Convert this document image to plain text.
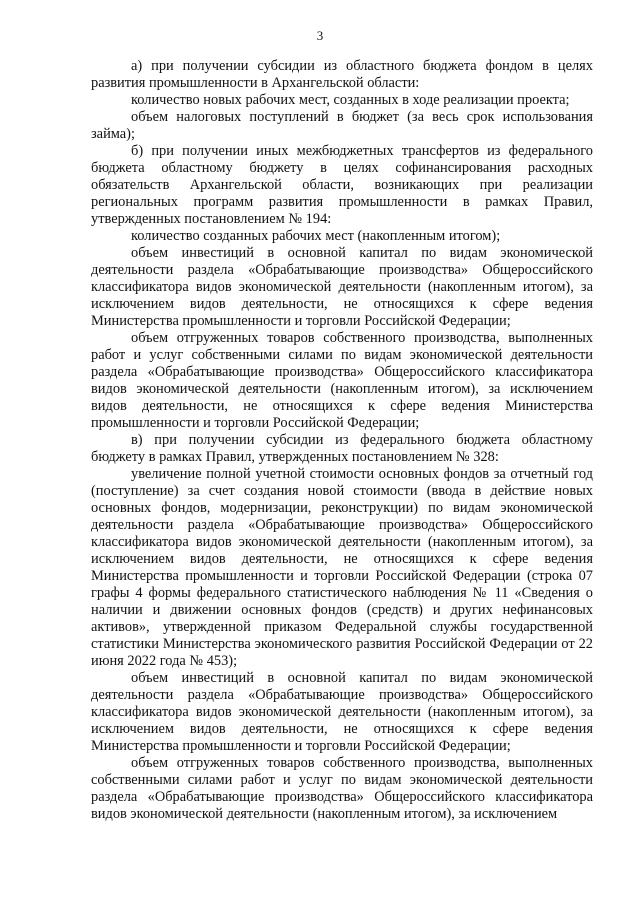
3

а) при получении субсидии из областного бюджета фондом в целях развития промышленности в Архангельской области:

количество новых рабочих мест, созданных в ходе реализации проекта;

объем налоговых поступлений в бюджет (за весь срок использования займа);

б) при получении иных межбюджетных трансфертов из федерального бюджета областному бюджету в целях софинансирования расходных обязательств Архангельской области, возникающих при реализации региональных программ развития промышленности в рамках Правил, утвержденных постановлением № 194:

количество созданных рабочих мест (накопленным итогом);

объем инвестиций в основной капитал по видам экономической деятельности раздела «Обрабатывающие производства» Общероссийского классификатора видов экономической деятельности (накопленным итогом), за исключением видов деятельности, не относящихся к сфере ведения Министерства промышленности и торговли Российской Федерации;

объем отгруженных товаров собственного производства, выполненных работ и услуг собственными силами по видам экономической деятельности раздела «Обрабатывающие производства» Общероссийского классификатора видов экономической деятельности (накопленным итогом), за исключением видов деятельности, не относящихся к сфере ведения Министерства промышленности и торговли Российской Федерации;

в) при получении субсидии из федерального бюджета областному бюджету в рамках Правил, утвержденных постановлением № 328:

увеличение полной учетной стоимости основных фондов за отчетный год (поступление) за счет создания новой стоимости (ввода в действие новых основных фондов, модернизации, реконструкции) по видам экономической деятельности раздела «Обрабатывающие производства» Общероссийского классификатора видов экономической деятельности (накопленным итогом), за исключением видов деятельности, не относящихся к сфере ведения Министерства промышленности и торговли Российской Федерации (строка 07 графы 4 формы федерального статистического наблюдения № 11 «Сведения о наличии и движении основных фондов (средств) и других нефинансовых активов», утвержденной приказом Федеральной службы государственной статистики Министерства экономического развития Российской Федерации от 22 июня 2022 года № 453);

объем инвестиций в основной капитал по видам экономической деятельности раздела «Обрабатывающие производства» Общероссийского классификатора видов экономической деятельности (накопленным итогом), за исключением видов деятельности, не относящихся к сфере ведения Министерства промышленности и торговли Российской Федерации;

объем отгруженных товаров собственного производства, выполненных собственными силами работ и услуг по видам экономической деятельности раздела «Обрабатывающие производства» Общероссийского классификатора видов экономической деятельности (накопленным итогом), за исключением
